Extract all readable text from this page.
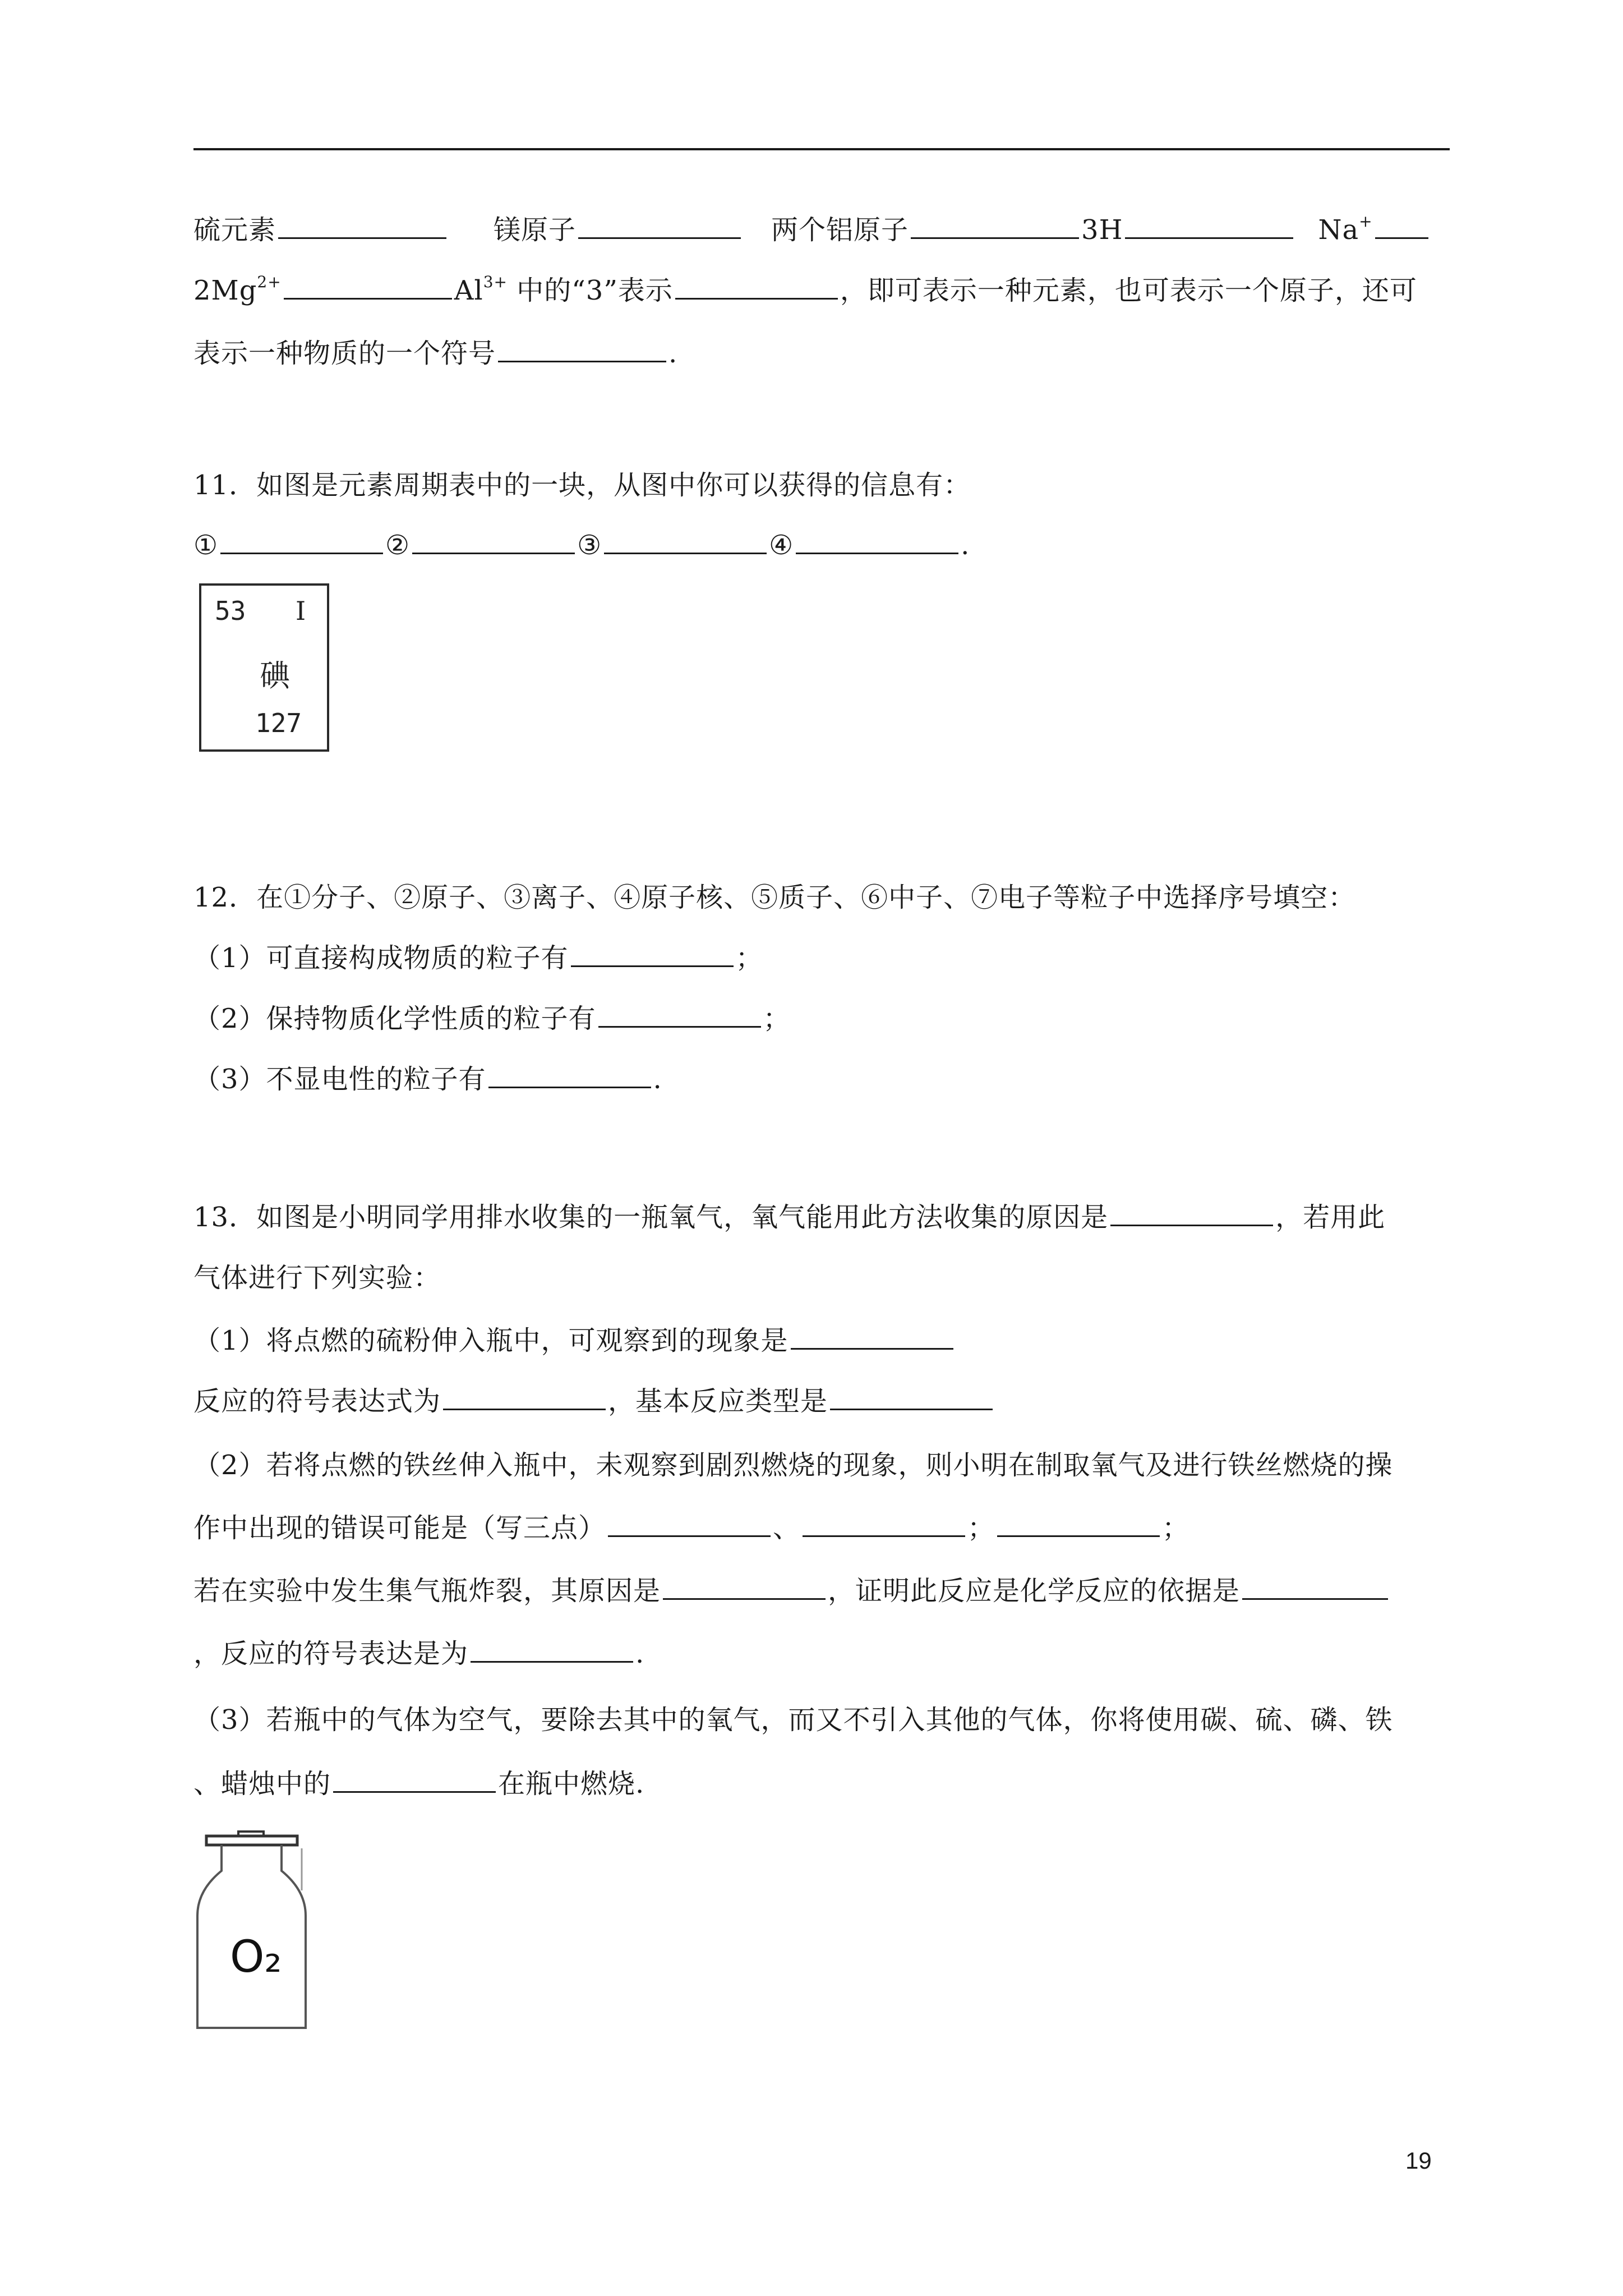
硫元素	镁原子	两个铝原子	3H	Na+
$2Mg^{2+}$	$Al^{3+}$ 中的“3”表示	，即可表示一种元素，也可表示一个原子，还可
表示一种物质的一个符号	.
11．如图是元素周期表中的一块，从图中你可以获得的信息有：
①	②	③	④	.
53 I
碘
127
12．在①分子、②原子、③离子、④原子核、⑤质子、⑥中子、⑦电子等粒子中选择序号填空：
（1）可直接构成物质的粒子有	；
（2）保持物质化学性质的粒子有	；
（3）不显电性的粒子有	.
13．如图是小明同学用排水收集的一瓶氧气，氧气能用此方法收集的原因是	，若用此
气体进行下列实验：
（1）将点燃的硫粉伸入瓶中，可观察到的现象是
反应的符号表达式为	，基本反应类型是
（2）若将点燃的铁丝伸入瓶中，未观察到剧烈燃烧的现象，则小明在制取氧气及进行铁丝燃烧的操
作中出现的错误可能是（写三点）	、	；	；
若在实验中发生集气瓶炸裂，其原因是	，证明此反应是化学反应的依据是
，反应的符号表达是为	.
（3）若瓶中的气体为空气，要除去其中的氧气，而又不引入其他的气体，你将使用碳、硫、磷、铁
、蜡烛中的	在瓶中燃烧.
O₂
19
